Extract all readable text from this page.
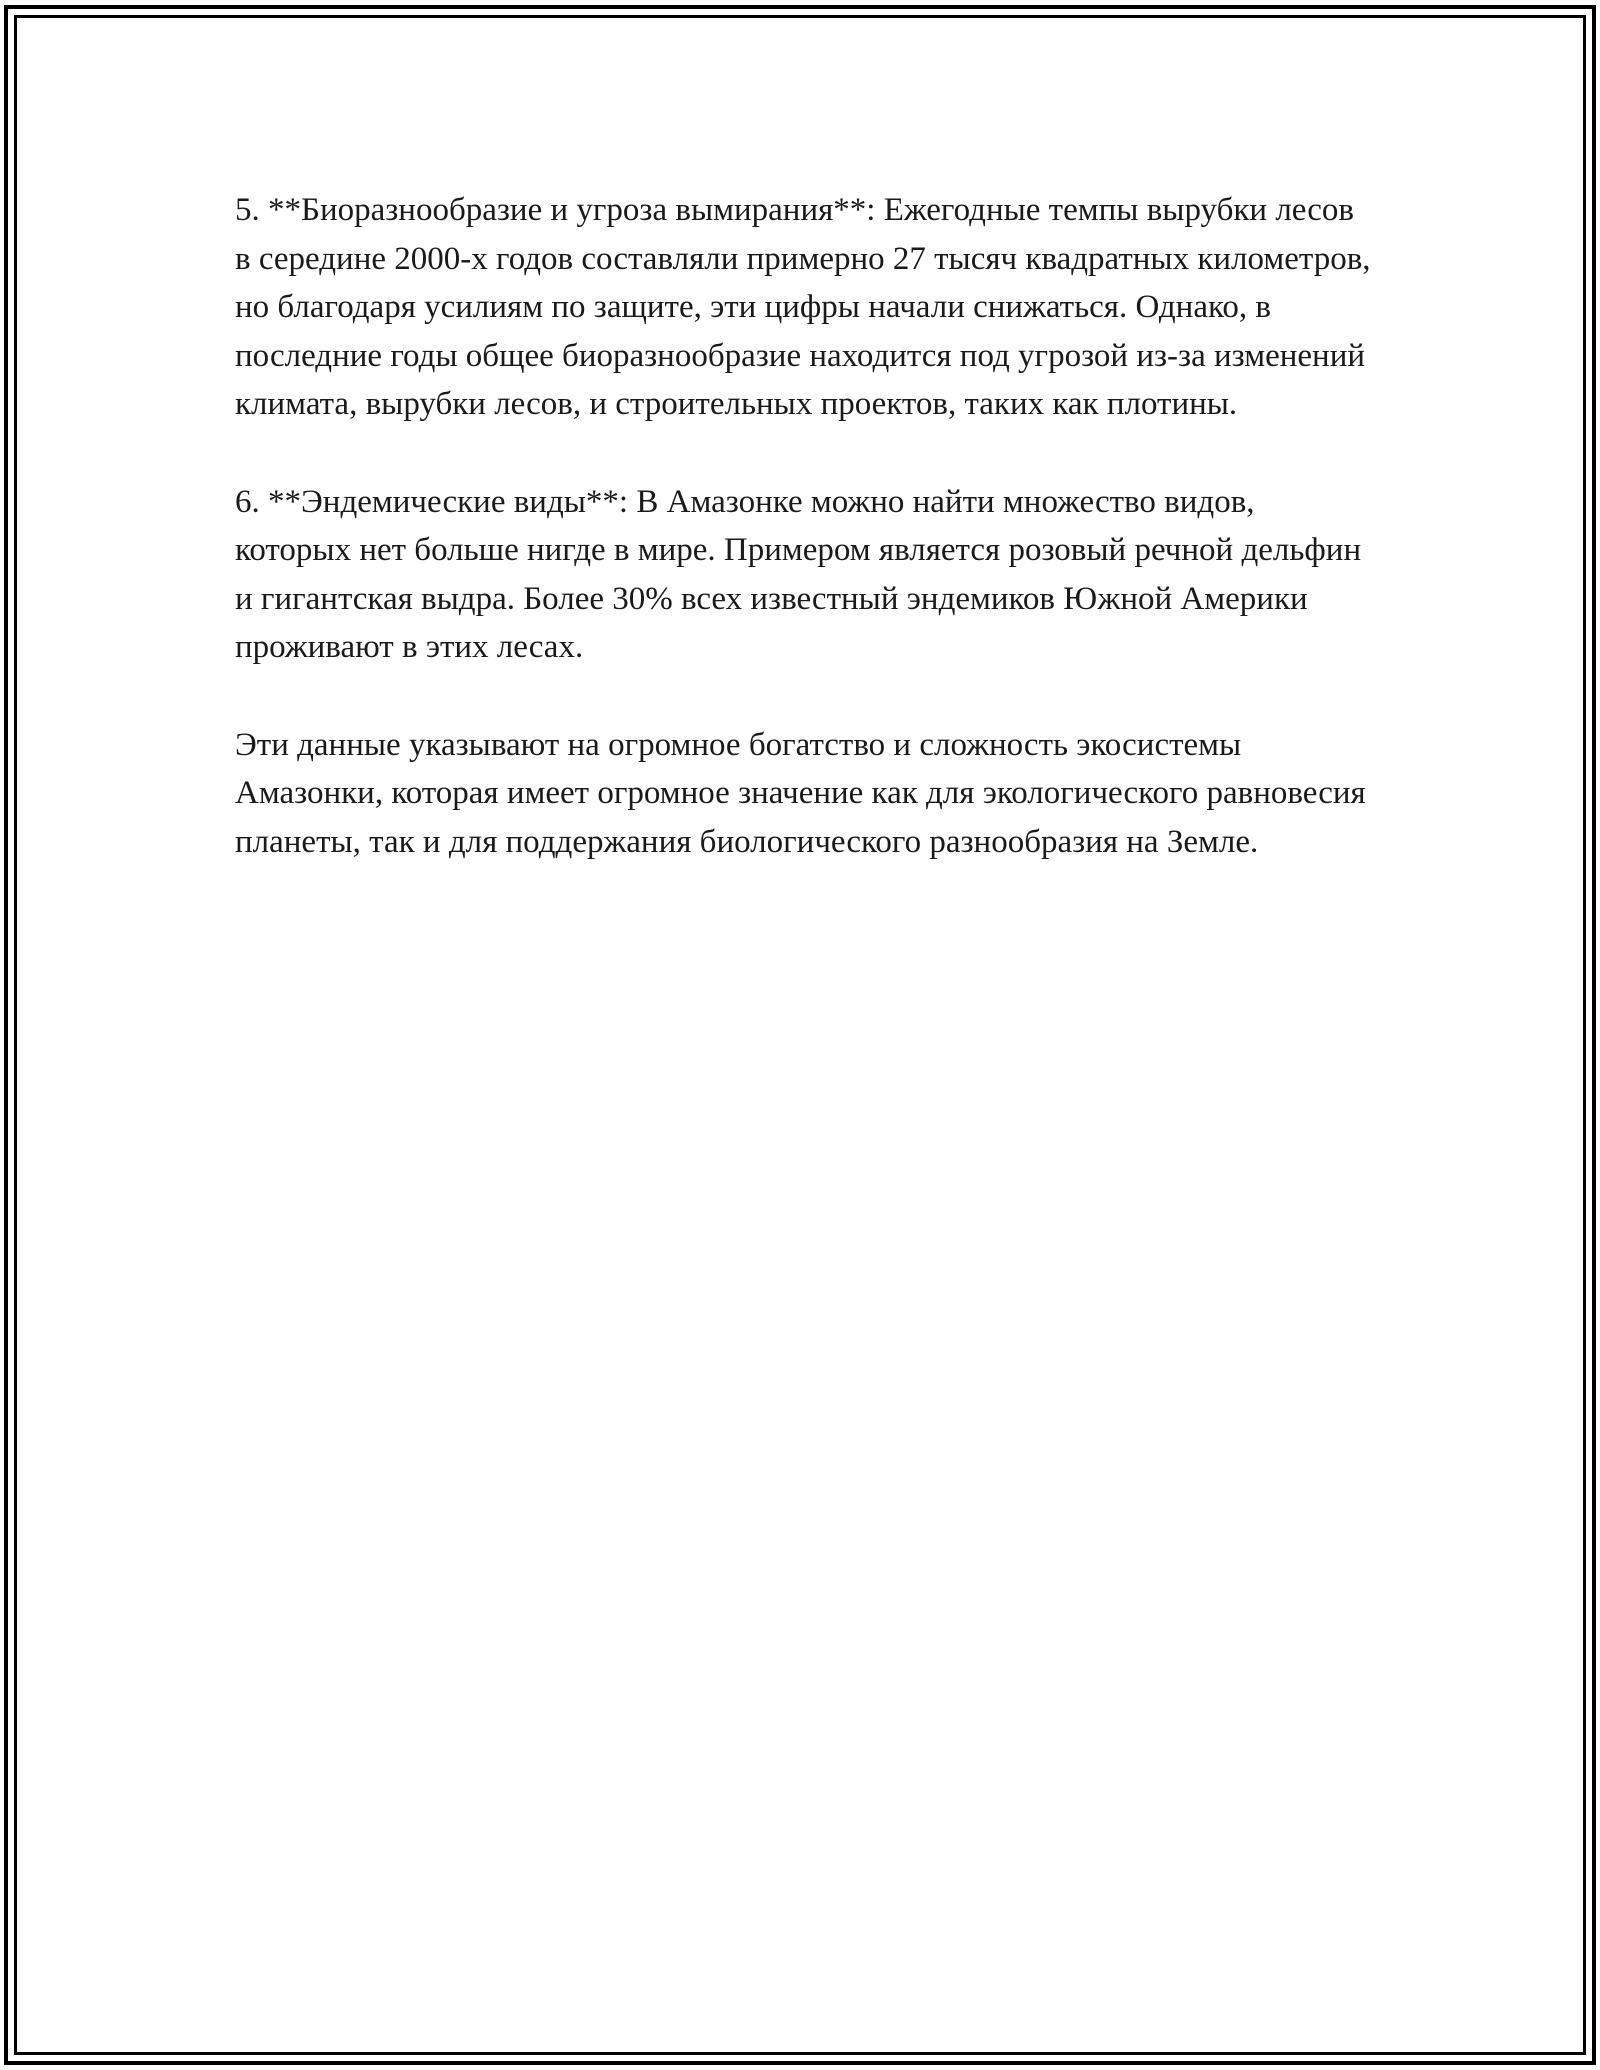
5. **Биоразнообразие и угроза вымирания**: Ежегодные темпы вырубки лесов в середине 2000-х годов составляли примерно 27 тысяч квадратных километров, но благодаря усилиям по защите, эти цифры начали снижаться. Однако, в последние годы общее биоразнообразие находится под угрозой из-за изменений климата, вырубки лесов, и строительных проектов, таких как плотины.

6. **Эндемические виды**: В Амазонке можно найти множество видов, которых нет больше нигде в мире. Примером является розовый речной дельфин и гигантская выдра. Более 30% всех известный эндемиков Южной Америки проживают в этих лесах.

Эти данные указывают на огромное богатство и сложность экосистемы Амазонки, которая имеет огромное значение как для экологического равновесия планеты, так и для поддержания биологического разнообразия на Земле.
